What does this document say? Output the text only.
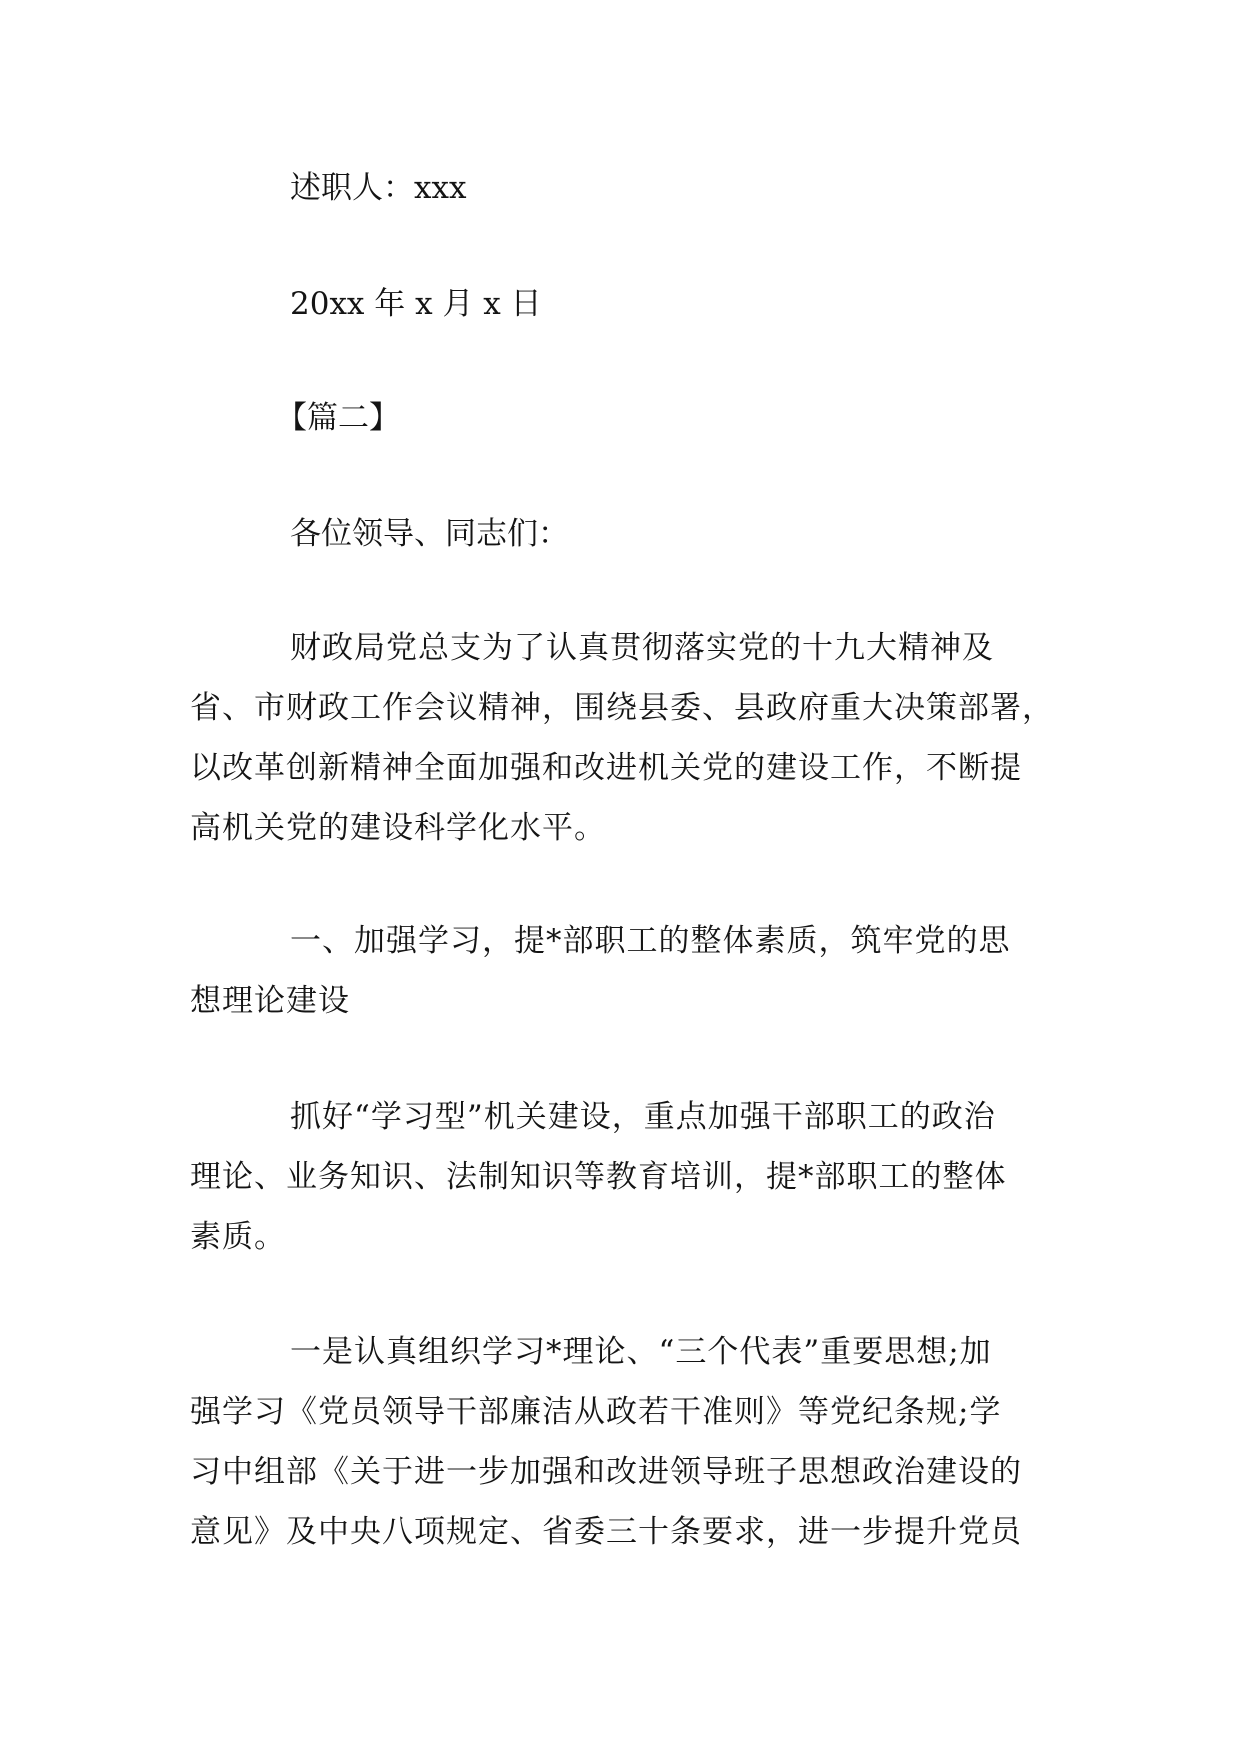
述职人：xxx
20xx 年 x 月 x 日
【篇二】
各位领导、同志们：
财政局党总支为了认真贯彻落实党的十九大精神及
省、市财政工作会议精神，围绕县委、县政府重大决策部署，
以改革创新精神全面加强和改进机关党的建设工作，不断提
高机关党的建设科学化水平。
一、加强学习，提*部职工的整体素质，筑牢党的思
想理论建设
抓好“学习型”机关建设，重点加强干部职工的政治
理论、业务知识、法制知识等教育培训，提*部职工的整体
素质。
一是认真组织学习*理论、“三个代表”重要思想;加
强学习《党员领导干部廉洁从政若干准则》等党纪条规;学
习中组部《关于进一步加强和改进领导班子思想政治建设的
意见》及中央八项规定、省委三十条要求，进一步提升党员
